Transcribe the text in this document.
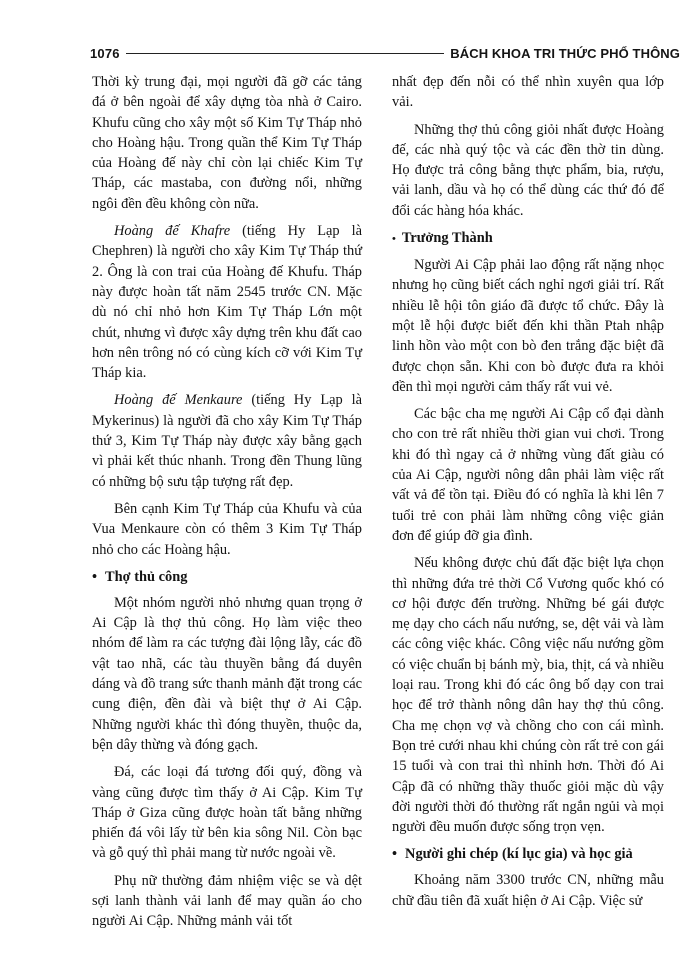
1076	BÁCH KHOA TRI THỨC PHỔ THÔNG

Thời kỳ trung đại, mọi người đã gỡ các tảng đá ở bên ngoài để xây dựng tòa nhà ở Cairo. Khufu cũng cho xây một số Kim Tự Tháp nhỏ cho Hoàng hậu. Trong quần thể Kim Tự Tháp của Hoàng đế này chỉ còn lại chiếc Kim Tự Tháp, các mastaba, con đường nổi, những ngôi đền đều không còn nữa.

Hoàng đế Khafre (tiếng Hy Lạp là Chephren) là người cho xây Kim Tự Tháp thứ 2. Ông là con trai của Hoàng đế Khufu. Tháp này được hoàn tất năm 2545 trước CN. Mặc dù nó chỉ nhỏ hơn Kim Tự Tháp Lớn một chút, nhưng vì được xây dựng trên khu đất cao hơn nên trông nó có cùng kích cỡ với Kim Tự Tháp kia.

Hoàng đế Menkaure (tiếng Hy Lạp là Mykerinus) là người đã cho xây Kim Tự Tháp thứ 3, Kim Tự Tháp này được xây bằng gạch vì phải kết thúc nhanh. Trong đền Thung lũng có những bộ sưu tập tượng rất đẹp.

Bên cạnh Kim Tự Tháp của Khufu và của Vua Menkaure còn có thêm 3 Kim Tự Tháp nhỏ cho các Hoàng hậu.

• Thợ thủ công

Một nhóm người nhỏ nhưng quan trọng ở Ai Cập là thợ thủ công. Họ làm việc theo nhóm để làm ra các tượng đài lộng lẫy, các đồ vật tao nhã, các tàu thuyền bằng đá duyên dáng và đồ trang sức thanh mảnh đặt trong các cung điện, đền đài và biệt thự ở Ai Cập. Những người khác thì đóng thuyền, thuộc da, bện dây thừng và đóng gạch.

Đá, các loại đá tương đối quý, đồng và vàng cũng được tìm thấy ở Ai Cập. Kim Tự Tháp ở Giza cũng được hoàn tất bằng những phiến đá vôi lấy từ bên kia sông Nil. Còn bạc và gỗ quý thì phải mang từ nước ngoài về.

Phụ nữ thường đảm nhiệm việc se và dệt sợi lanh thành vải lanh để may quần áo cho người Ai Cập. Những mảnh vải tốt

nhất đẹp đến nỗi có thể nhìn xuyên qua lớp vải.

Những thợ thủ công giỏi nhất được Hoàng đế, các nhà quý tộc và các đền thờ tin dùng. Họ được trả công bằng thực phẩm, bia, rượu, vải lanh, dầu và họ có thể dùng các thứ đó để đổi các hàng hóa khác.

• Trưởng Thành

Người Ai Cập phải lao động rất nặng nhọc nhưng họ cũng biết cách nghỉ ngơi giải trí. Rất nhiều lễ hội tôn giáo đã được tổ chức. Đây là một lễ hội được biết đến khi thần Ptah nhập linh hồn vào một con bò đen trắng đặc biệt đã được chọn sẵn. Khi con bò được đưa ra khỏi đền thì mọi người cảm thấy rất vui vẻ.

Các bậc cha mẹ người Ai Cập cổ đại dành cho con trẻ rất nhiều thời gian vui chơi. Trong khi đó thì ngay cả ở những vùng đất giàu có của Ai Cập, người nông dân phải làm việc rất vất vả để tồn tại. Điều đó có nghĩa là khi lên 7 tuổi trẻ con phải làm những công việc giản đơn để giúp đỡ gia đình.

Nếu không được chủ đất đặc biệt lựa chọn thì những đứa trẻ thời Cổ Vương quốc khó có cơ hội được đến trường. Những bé gái được mẹ dạy cho cách nấu nướng, se, dệt vải và làm các công việc khác. Công việc nấu nướng gồm có việc chuẩn bị bánh mỳ, bia, thịt, cá và nhiều loại rau. Trong khi đó các ông bố dạy con trai học để trở thành nông dân hay thợ thủ công. Cha mẹ chọn vợ và chồng cho con cái mình. Bọn trẻ cưới nhau khi chúng còn rất trẻ con gái 15 tuổi và con trai thì nhỉnh hơn. Thời đó Ai Cập đã có những thầy thuốc giỏi mặc dù vậy đời người thời đó thường rất ngắn ngủi và mọi người đều muốn được sống trọn vẹn.

• Người ghi chép (kí lục gia) và học giả

Khoảng năm 3300 trước CN, những mẫu chữ đầu tiên đã xuất hiện ở Ai Cập. Việc sử
